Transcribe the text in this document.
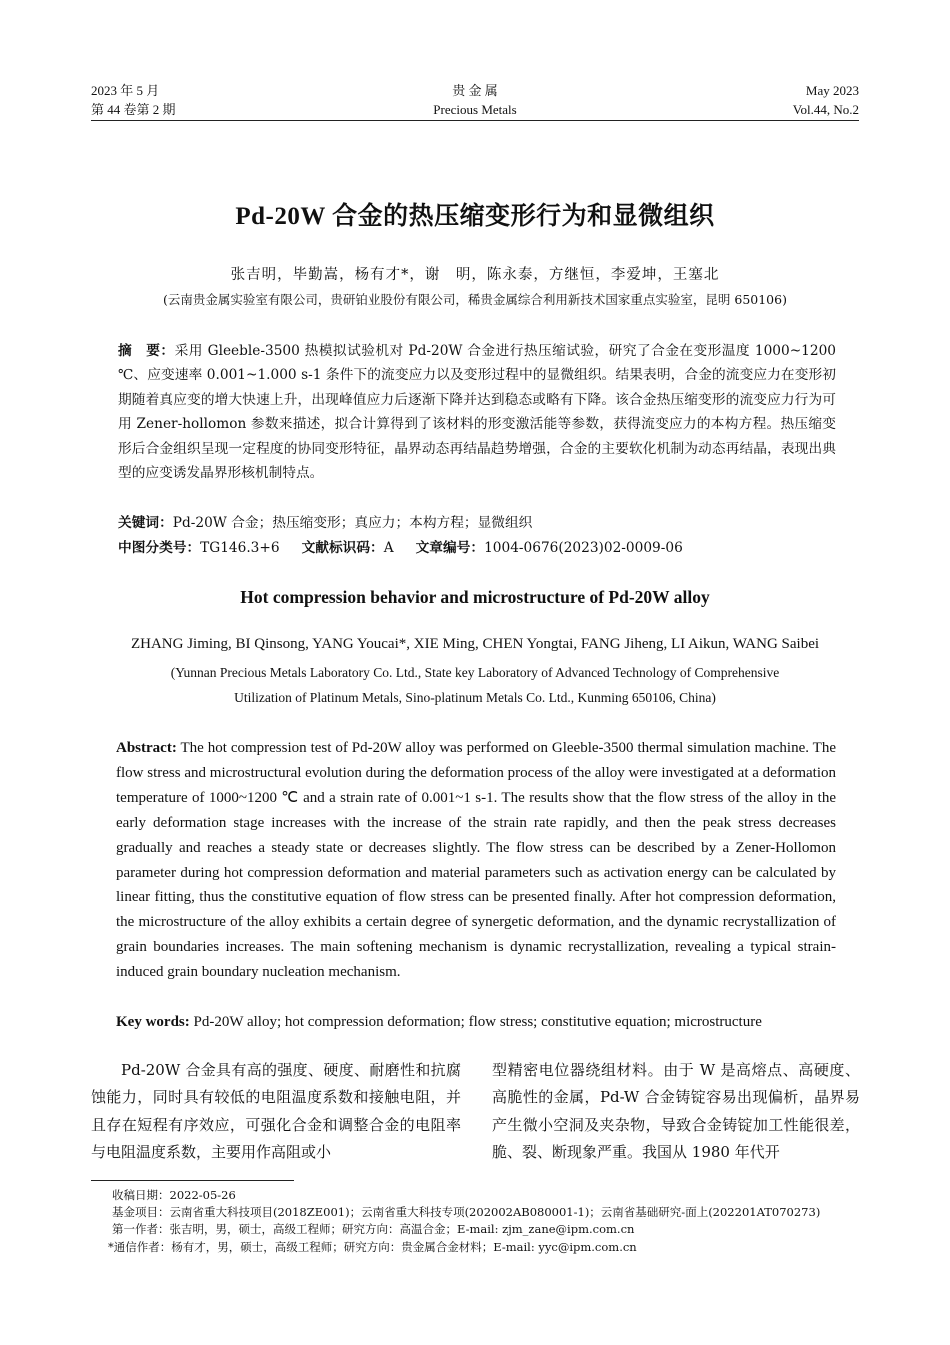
2023 年 5 月
第 44 卷第 2 期
贵 金 属
Precious Metals
May 2023
Vol.44, No.2
Pd-20W 合金的热压缩变形行为和显微组织
张吉明，毕勤嵩，杨有才*，谢　明，陈永泰，方继恒，李爱坤，王塞北
(云南贵金属实验室有限公司，贵研铂业股份有限公司，稀贵金属综合利用新技术国家重点实验室，昆明 650106)
摘　要：采用 Gleeble-3500 热模拟试验机对 Pd-20W 合金进行热压缩试验，研究了合金在变形温度 1000~1200 ℃、应变速率 0.001~1.000 s-1 条件下的流变应力以及变形过程中的显微组织。结果表明，合金的流变应力在变形初期随着真应变的增大快速上升，出现峰值应力后逐渐下降并达到稳态或略有下降。该合金热压缩变形的流变应力行为可用 Zener-hollomon 参数来描述，拟合计算得到了该材料的形变激活能等参数，获得流变应力的本构方程。热压缩变形后合金组织呈现一定程度的协同变形特征，晶界动态再结晶趋势增强，合金的主要软化机制为动态再结晶，表现出典型的应变诱发晶界形核机制特点。
关键词：Pd-20W 合金；热压缩变形；真应力；本构方程；显微组织
中图分类号：TG146.3+6 文献标识码：A 文章编号：1004-0676(2023)02-0009-06
Hot compression behavior and microstructure of Pd-20W alloy
ZHANG Jiming, BI Qinsong, YANG Youcai*, XIE Ming, CHEN Yongtai, FANG Jiheng, LI Aikun, WANG Saibei
(Yunnan Precious Metals Laboratory Co. Ltd., State key Laboratory of Advanced Technology of Comprehensive
Utilization of Platinum Metals, Sino-platinum Metals Co. Ltd., Kunming 650106, China)
Abstract: The hot compression test of Pd-20W alloy was performed on Gleeble-3500 thermal simulation machine. The flow stress and microstructural evolution during the deformation process of the alloy were investigated at a deformation temperature of 1000~1200 ℃ and a strain rate of 0.001~1 s-1. The results show that the flow stress of the alloy in the early deformation stage increases with the increase of the strain rate rapidly, and then the peak stress decreases gradually and reaches a steady state or decreases slightly. The flow stress can be described by a Zener-Hollomon parameter during hot compression deformation and material parameters such as activation energy can be calculated by linear fitting, thus the constitutive equation of flow stress can be presented finally. After hot compression deformation, the microstructure of the alloy exhibits a certain degree of synergetic deformation, and the dynamic recrystallization of grain boundaries increases. The main softening mechanism is dynamic recrystallization, revealing a typical strain-induced grain boundary nucleation mechanism.
Key words: Pd-20W alloy; hot compression deformation; flow stress; constitutive equation; microstructure
Pd-20W 合金具有高的强度、硬度、耐磨性和抗腐蚀能力，同时具有较低的电阻温度系数和接触电阻，并且存在短程有序效应，可强化合金和调整合金的电阻率与电阻温度系数，主要用作高阻或小
型精密电位器绕组材料。由于 W 是高熔点、高硬度、高脆性的金属，Pd-W 合金铸锭容易出现偏析，晶界易产生微小空洞及夹杂物，导致合金铸锭加工性能很差，脆、裂、断现象严重。我国从 1980 年代开
收稿日期：2022-05-26
基金项目：云南省重大科技项目(2018ZE001)；云南省重大科技专项(202002AB080001-1)；云南省基础研究-面上(202201AT070273)
第一作者：张吉明，男，硕士，高级工程师；研究方向：高温合金；E-mail: zjm_zane@ipm.com.cn
*通信作者：杨有才，男，硕士，高级工程师；研究方向：贵金属合金材料；E-mail: yyc@ipm.com.cn
